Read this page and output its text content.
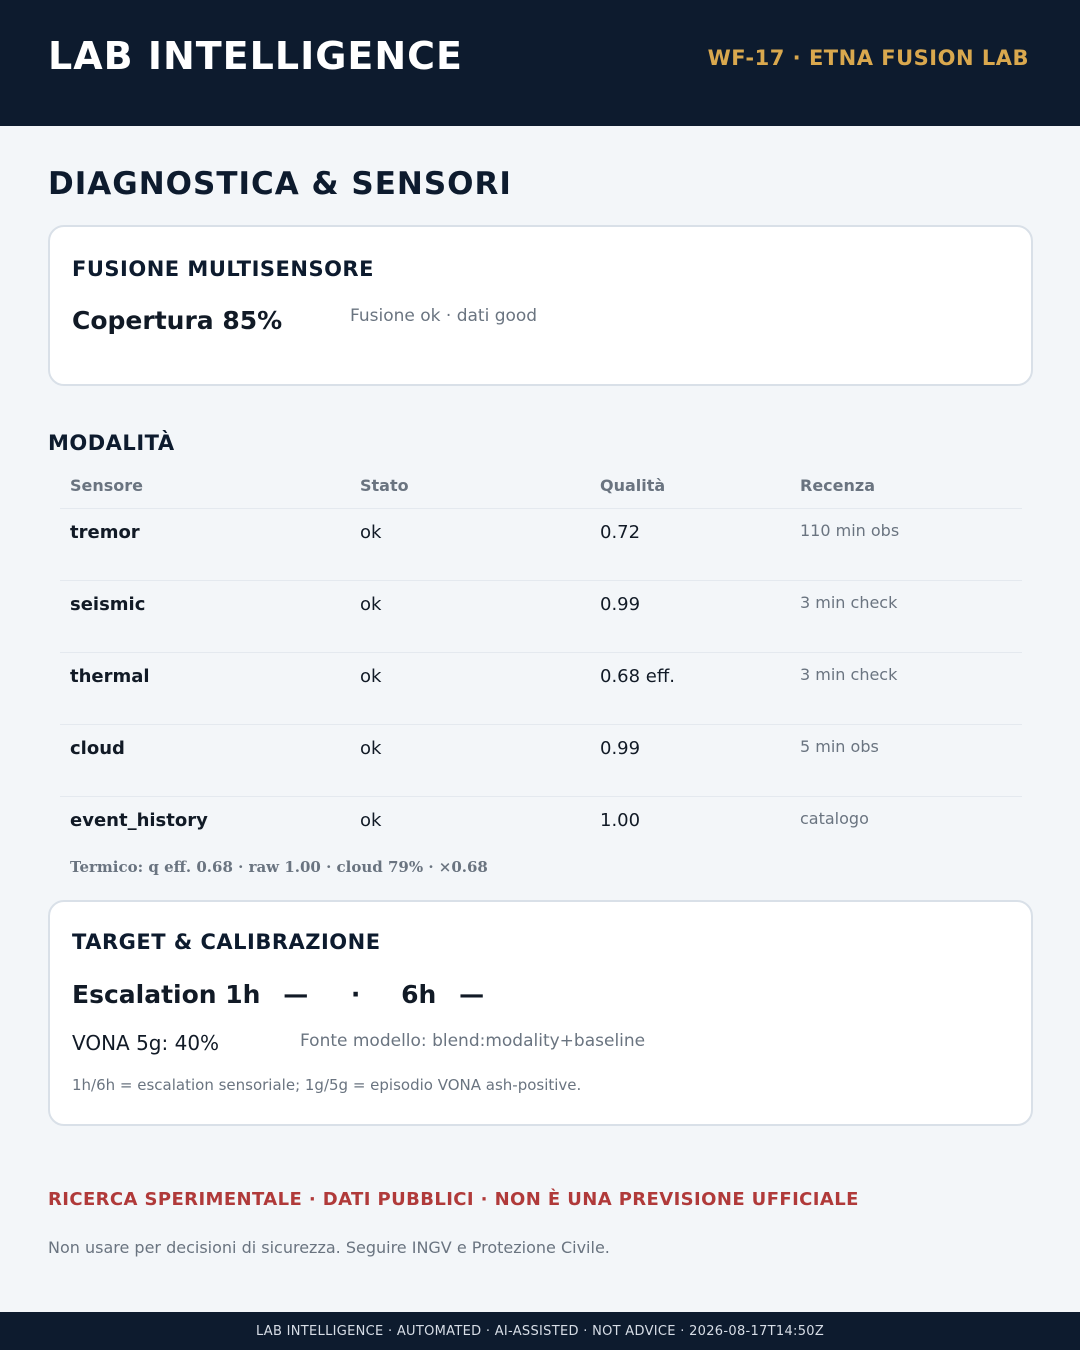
LAB INTELLIGENCE	WF-17 · ETNA FUSION LAB
DIAGNOSTICA & SENSORI
FUSIONE MULTISENSORE
Copertura 85%	Fusione ok · dati good
MODALITÀ
Sensore	Stato	Qualità	Recenza
tremor	ok	0.72	110 min obs
seismic	ok	0.99	3 min check
thermal	ok	0.68 eff.	3 min check
cloud	ok	0.99	5 min obs
event_history	ok	1.00	catalogo
Termico: q eff. 0.68 · raw 1.00 · cloud 79% · ×0.68
TARGET & CALIBRAZIONE
Escalation 1h — · 6h —
VONA 5g: 40%	Fonte modello: blend:modality+baseline
1h/6h = escalation sensoriale; 1g/5g = episodio VONA ash-positive.
RICERCA SPERIMENTALE · DATI PUBBLICI · NON È UNA PREVISIONE UFFICIALE
Non usare per decisioni di sicurezza. Seguire INGV e Protezione Civile.
LAB INTELLIGENCE · AUTOMATED · AI-ASSISTED · NOT ADVICE · 2026-08-17T14:50Z
